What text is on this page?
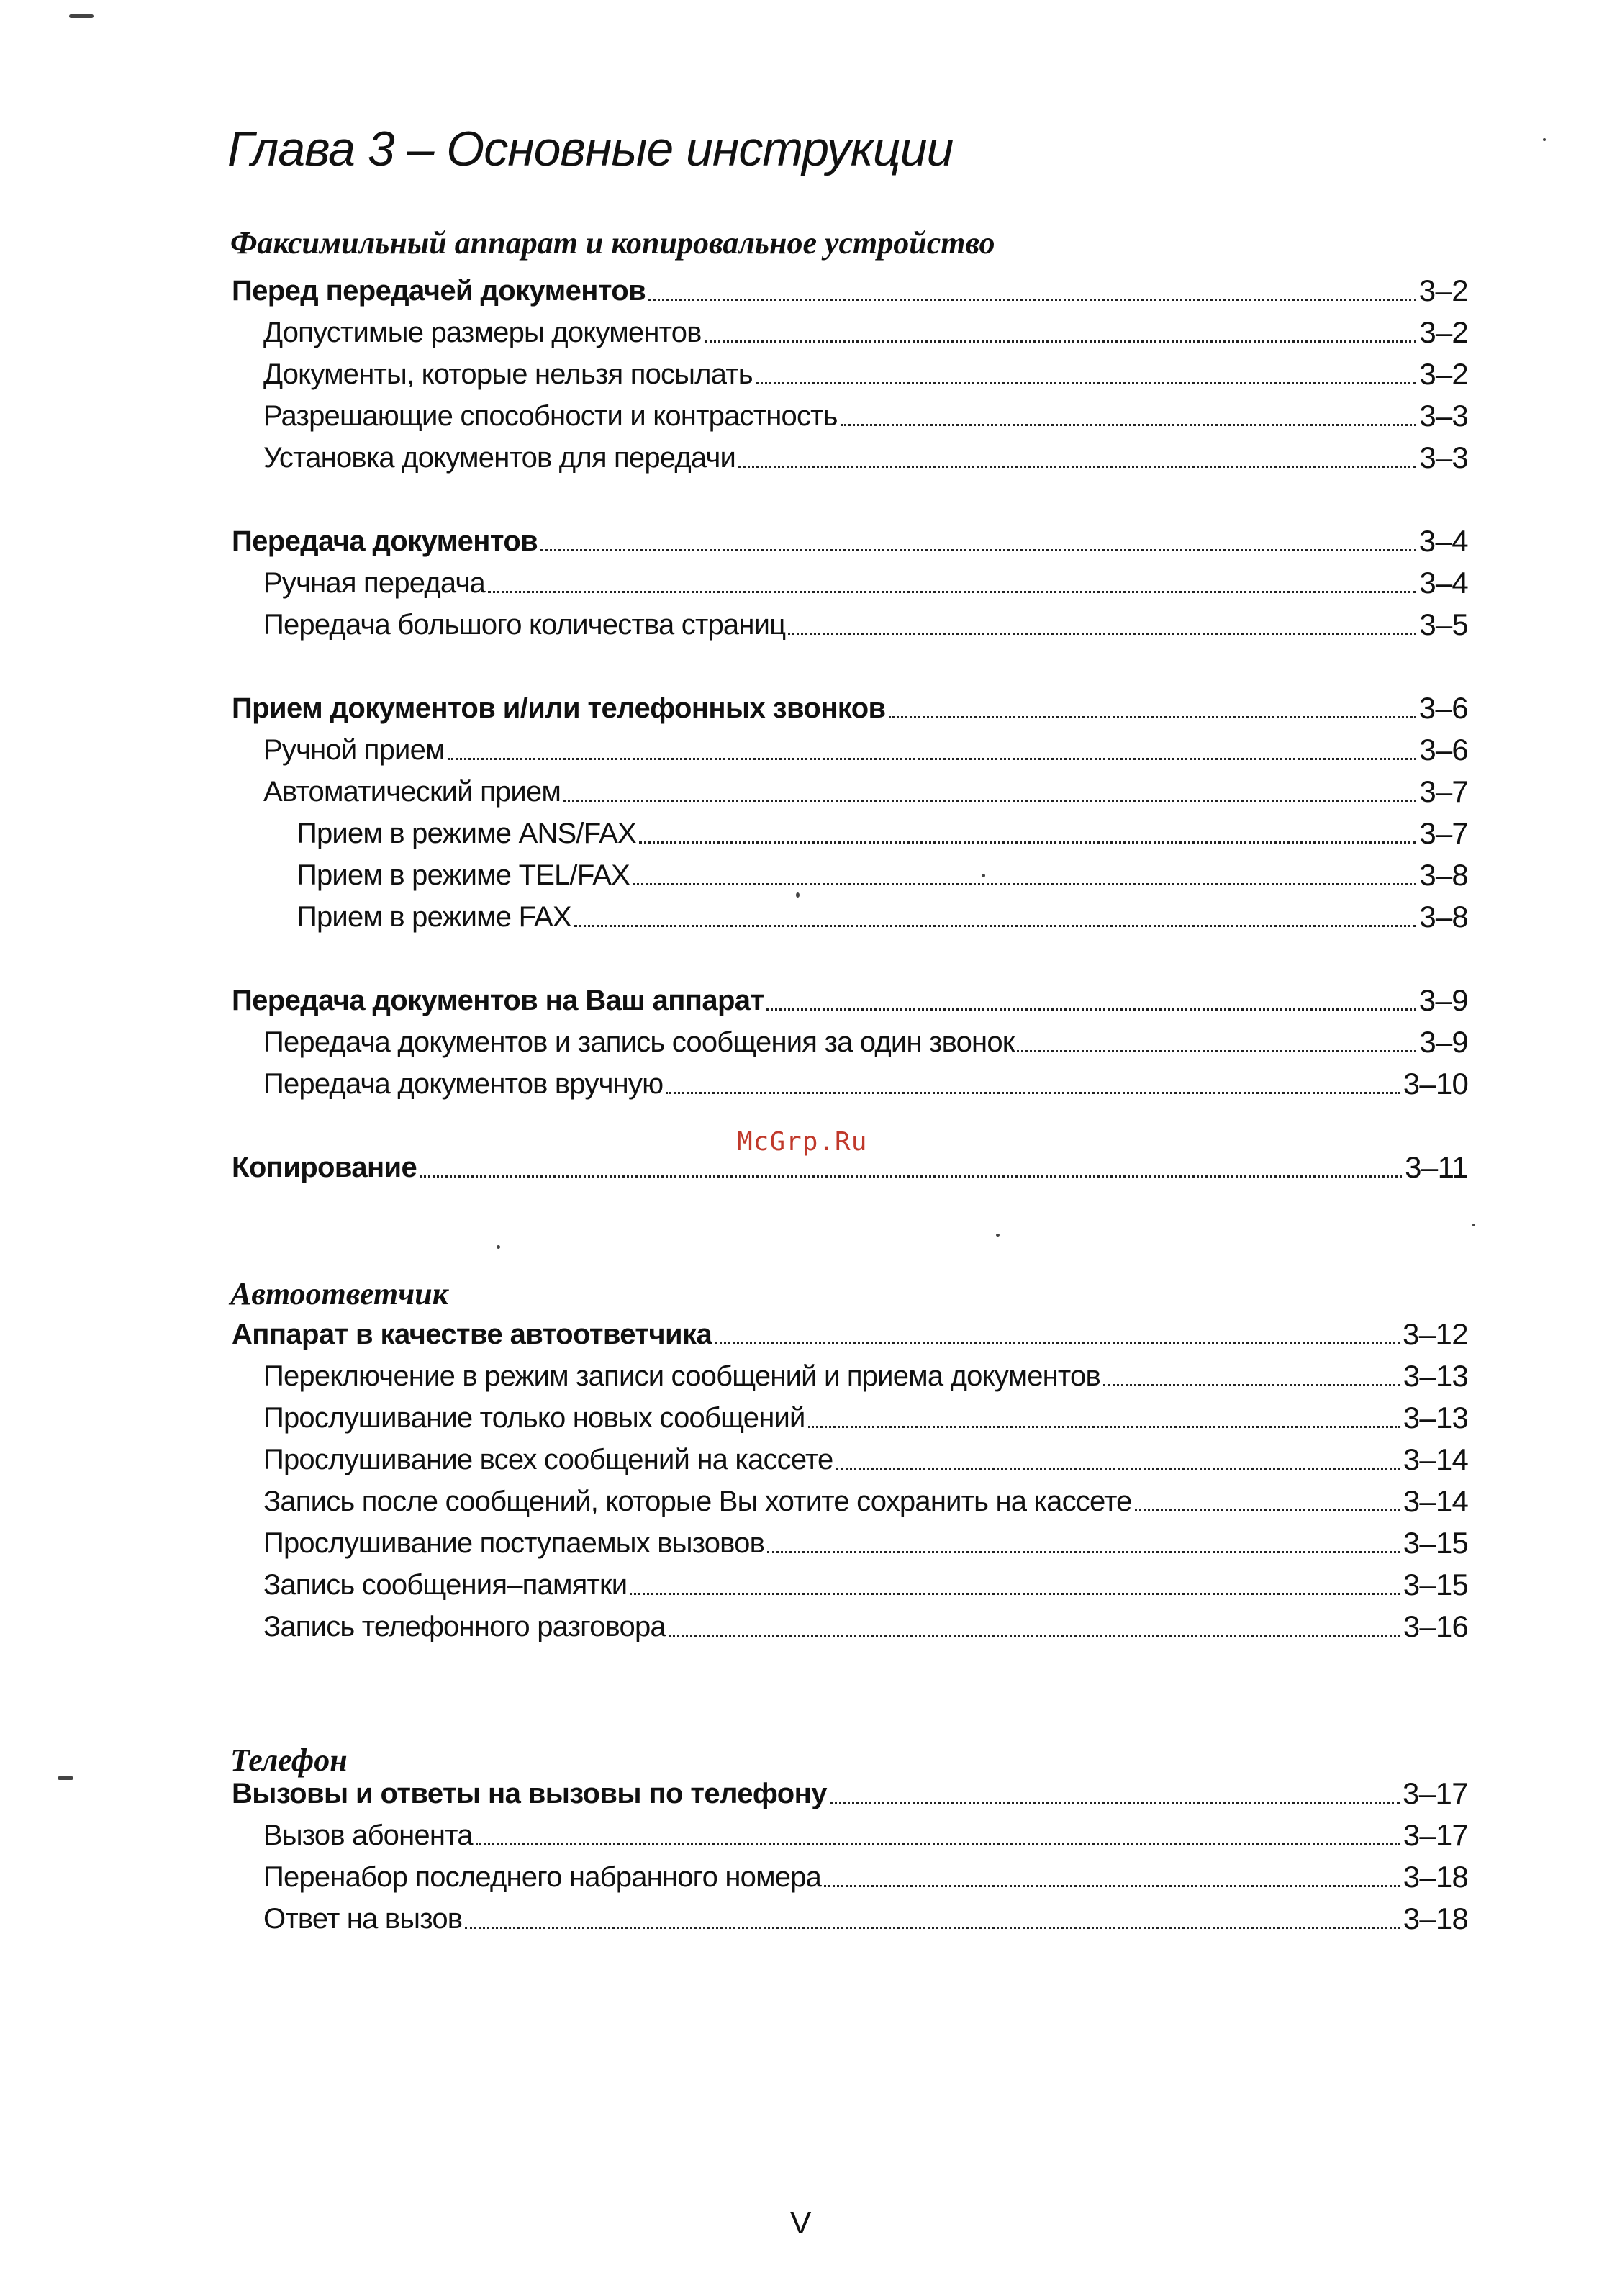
Глава 3 – Основные инструкции
Факсимильный аппарат и копировальное устройство
Перед передачей документов	3–2
Допустимые размеры документов	3–2
Документы, которые нельзя посылать	3–2
Разрешающие способности и контрастность	3–3
Установка документов для передачи	3–3
Передача документов	3–4
Ручная передача	3–4
Передача большого количества страниц	3–5
Прием документов и/или телефонных звонков	3–6
Ручной прием	3–6
Автоматический прием	3–7
Прием в режиме ANS/FAX	3–7
Прием в режиме TEL/FAX	3–8
Прием в режиме FAX	3–8
Передача документов на Ваш аппарат	3–9
Передача документов и запись сообщения за один звонок	3–9
Передача документов вручную	3–10
McGrp.Ru
Копирование	3–11
Автоответчик
Аппарат в качестве автоответчика	3–12
Переключение в режим записи сообщений и приема документов	3–13
Прослушивание только новых сообщений	3–13
Прослушивание всех сообщений на кассете	3–14
Запись после сообщений, которые Вы хотите сохранить на кассете	3–14
Прослушивание поступаемых вызовов	3–15
Запись сообщения–памятки	3–15
Запись телефонного разговора	3–16
Телефон
Вызовы и ответы на вызовы по телефону	3–17
Вызов абонента	3–17
Перенабор последнего набранного номера	3–18
Ответ на вызов	3–18
V
